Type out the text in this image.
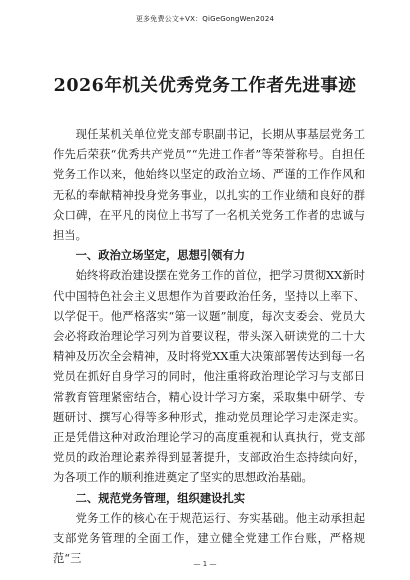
更多免费公文+VX：QiGeGongWen2024
2026年机关优秀党务工作者先进事迹

现任某机关单位党支部专职副书记，长期从事基层党务工作先后荣获“优秀共产党员”“先进工作者”等荣誉称号。自担任党务工作以来，他始终以坚定的政治立场、严谨的工作作风和无私的奉献精神投身党务事业，以扎实的工作业绩和良好的群众口碑，在平凡的岗位上书写了一名机关党务工作者的忠诚与担当。

一、政治立场坚定，思想引领有力

始终将政治建设摆在党务工作的首位，把学习贯彻XX新时代中国特色社会主义思想作为首要政治任务，坚持以上率下、以学促干。他严格落实“第一议题”制度，每次支委会、党员大会必将政治理论学习列为首要议程，带头深入研读党的二十大精神及历次全会精神，及时将党XX重大决策部署传达到每一名党员在抓好自身学习的同时，他注重将政治理论学习与支部日常教育管理紧密结合，精心设计学习方案，采取集中研学、专题研讨、撰写心得等多种形式，推动党员理论学习走深走实。正是凭借这种对政治理论学习的高度重视和认真执行，党支部党员的政治理论素养得到显著提升，支部政治生态持续向好，为各项工作的顺利推进奠定了坚实的思想政治基础。

二、规范党务管理，组织建设扎实

党务工作的核心在于规范运行、夯实基础。他主动承担起支部党务管理的全面工作，建立健全党建工作台账，严格规范“三	— 1 —
